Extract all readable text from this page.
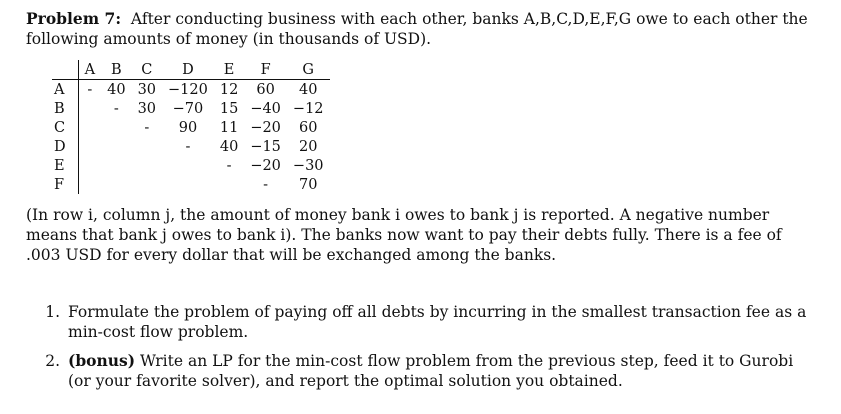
Problem 7: After conducting business with each other, banks A,B,C,D,E,F,G owe to each other the following amounts of money (in thousands of USD).

	A	B	C	D	E	F	G
A	-	40	30	−120	12	60	40
B		-	30	−70	15	−40	−12
C			-	90	11	−20	60
D				-	40	−15	20
E					-	−20	−30
F						-	70

(In row i, column j, the amount of money bank i owes to bank j is reported. A negative number means that bank j owes to bank i). The banks now want to pay their debts fully. There is a fee of .003 USD for every dollar that will be exchanged among the banks.

1. Formulate the problem of paying off all debts by incurring in the smallest transaction fee as a min-cost flow problem.
2. (bonus) Write an LP for the min-cost flow problem from the previous step, feed it to Gurobi (or your favorite solver), and report the optimal solution you obtained.
